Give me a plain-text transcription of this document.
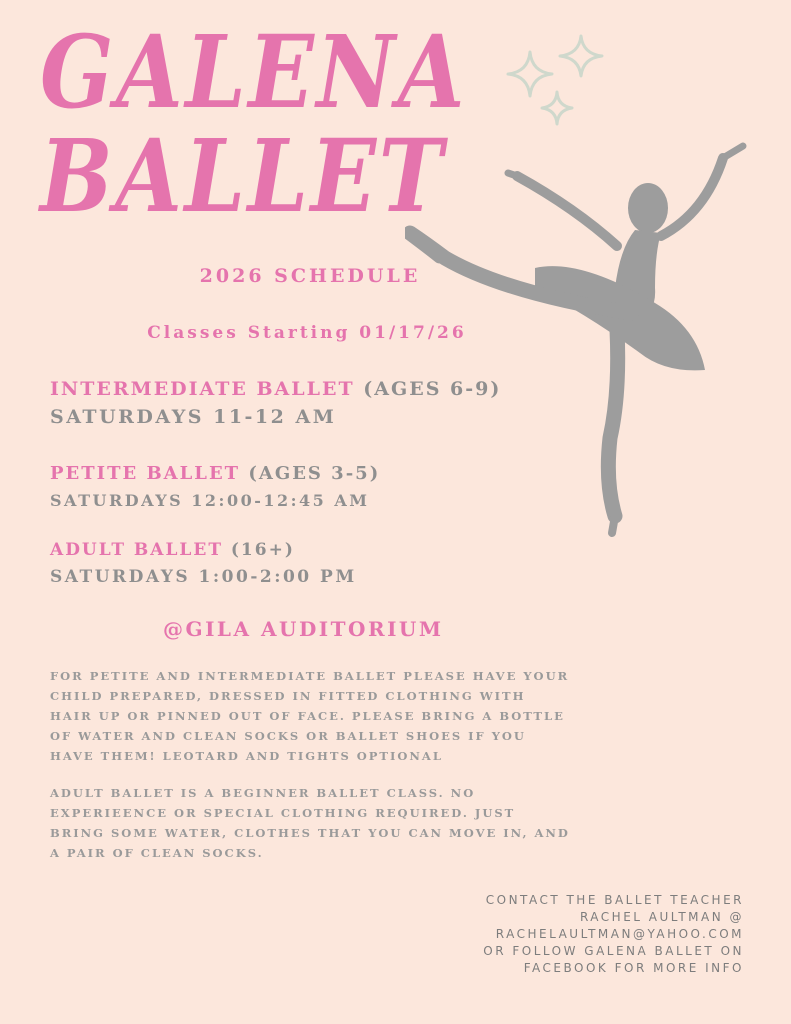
GALENA
BALLET
2026 SCHEDULE
Classes Starting 01/17/26
INTERMEDIATE BALLET (AGES 6-9)
SATURDAYS 11-12 AM
PETITE BALLET (AGES 3-5)
SATURDAYS 12:00-12:45 AM
ADULT BALLET (16+)
SATURDAYS 1:00-2:00 PM
@GILA AUDITORIUM

FOR PETITE AND INTERMEDIATE BALLET PLEASE HAVE YOUR CHILD PREPARED, DRESSED IN FITTED CLOTHING WITH HAIR UP OR PINNED OUT OF FACE. PLEASE BRING A BOTTLE OF WATER AND CLEAN SOCKS OR BALLET SHOES IF YOU HAVE THEM! LEOTARD AND TIGHTS OPTIONAL

ADULT BALLET IS A BEGINNER BALLET CLASS. NO EXPERIEENCE OR SPECIAL CLOTHING REQUIRED. JUST BRING SOME WATER, CLOTHES THAT YOU CAN MOVE IN, AND A PAIR OF CLEAN SOCKS.

CONTACT THE BALLET TEACHER
RACHEL AULTMAN @
RACHELAULTMAN@YAHOO.COM
OR FOLLOW GALENA BALLET ON
FACEBOOK FOR MORE INFO
